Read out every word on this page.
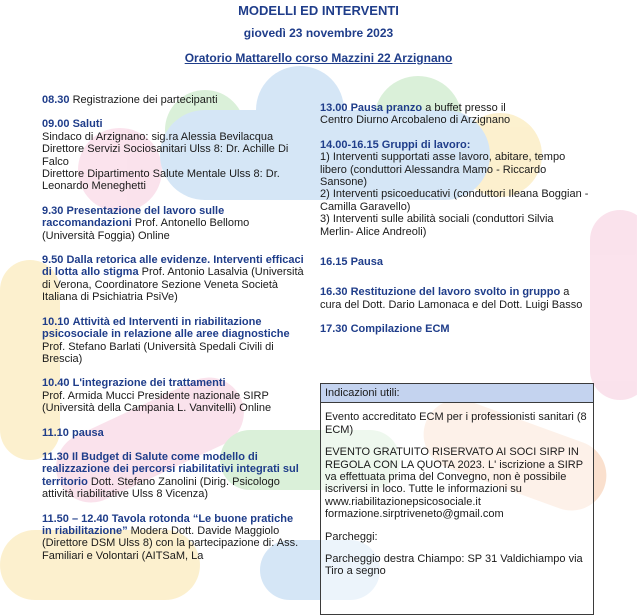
MODELLI ED INTERVENTI
giovedì 23 novembre 2023
Oratorio Mattarello corso Mazzini 22 Arzignano

08.30 Registrazione dei partecipanti

09.00 Saluti

Sindaco di Arzignano: sig.ra Alessia Bevilacqua
Direttore Servizi Sociosanitari Ulss 8: Dr. Achille Di Falco
Direttore Dipartimento Salute Mentale Ulss 8: Dr. Leonardo Meneghetti

9.30 Presentazione del lavoro sulle raccomandazioni Prof. Antonello Bellomo (Università Foggia) Online

9.50 Dalla retorica alle evidenze. Interventi efficaci di lotta allo stigma Prof. Antonio Lasalvia (Università di Verona, Coordinatore Sezione Veneta Società Italiana di Psichiatria PsiVe)

10.10 Attività ed Interventi in riabilitazione psicosociale in relazione alle aree diagnostiche Prof. Stefano Barlati (Università Spedali Civili di Brescia)

10.40 L'integrazione dei trattamenti

Prof. Armida Mucci Presidente nazionale SIRP (Università della Campania L. Vanvitelli) Online

11.10 pausa

11.30 Il Budget di Salute come modello di realizzazione dei percorsi riabilitativi integrati sul territorio Dott. Stefano Zanolini (Dirig. Psicologo attività riabilitative Ulss 8 Vicenza)

11.50 – 12.40 Tavola rotonda “Le buone pratiche in riabilitazione” Modera Dott. Davide Maggiolo (Direttore DSM Ulss 8) con la partecipazione di: Ass. Familiari e Volontari (AITSaM, La

13.00 Pausa pranzo a buffet presso il
Centro Diurno Arcobaleno di Arzignano

14.00-16.15 Gruppi di lavoro:

1) Interventi supportati asse lavoro, abitare, tempo libero (conduttori Alessandra Mamo - Riccardo Sansone)
2) Interventi psicoeducativi (conduttori Ileana Boggian - Camilla Garavello)
3) Interventi sulle abilità sociali (conduttori Silvia Merlin- Alice Andreoli)

16.15 Pausa

16.30 Restituzione del lavoro svolto in gruppo a cura del Dott. Dario Lamonaca e del Dott. Luigi Basso

17.30 Compilazione ECM

Indicazioni utili:

Evento accreditato ECM per i professionisti sanitari (8 ECM)

EVENTO GRATUITO RISERVATO AI SOCI SIRP IN REGOLA CON LA QUOTA 2023. L' iscrizione a SIRP va effettuata prima del Convegno, non è possibile iscriversi in loco. Tutte le informazioni su
www.riabilitazionepsicosociale.it
formazione.sirptriveneto@gmail.com

Parcheggi:

Parcheggio destra Chiampo: SP 31 Valdichiampo via Tiro a segno
